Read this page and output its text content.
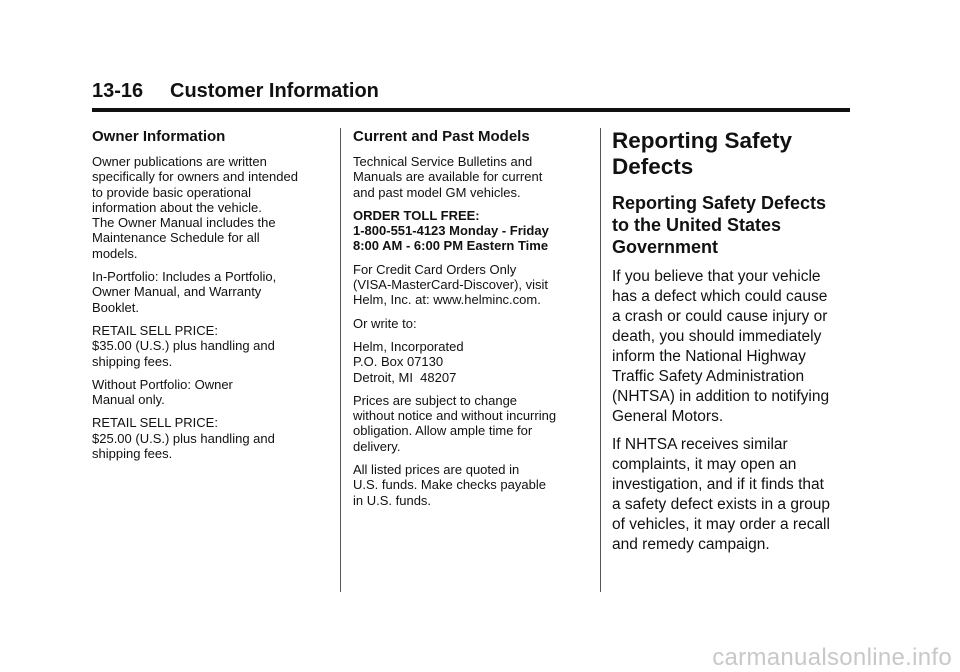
13-16 Customer Information
Owner Information

Owner publications are written
specifically for owners and intended
to provide basic operational
information about the vehicle.
The Owner Manual includes the
Maintenance Schedule for all
models.

In-Portfolio: Includes a Portfolio,
Owner Manual, and Warranty
Booklet.

RETAIL SELL PRICE:
$35.00 (U.S.) plus handling and
shipping fees.

Without Portfolio: Owner
Manual only.

RETAIL SELL PRICE:
$25.00 (U.S.) plus handling and
shipping fees.

Current and Past Models

Technical Service Bulletins and
Manuals are available for current
and past model GM vehicles.

ORDER TOLL FREE:
1-800-551-4123 Monday - Friday
8:00 AM - 6:00 PM Eastern Time

For Credit Card Orders Only
(VISA-MasterCard-Discover), visit
Helm, Inc. at: www.helminc.com.

Or write to:

Helm, Incorporated
P.O. Box 07130
Detroit, MI  48207

Prices are subject to change
without notice and without incurring
obligation. Allow ample time for
delivery.

All listed prices are quoted in
U.S. funds. Make checks payable
in U.S. funds.

Reporting Safety
Defects
Reporting Safety Defects
to the United States
Government

If you believe that your vehicle
has a defect which could cause
a crash or could cause injury or
death, you should immediately
inform the National Highway
Traffic Safety Administration
(NHTSA) in addition to notifying
General Motors.

If NHTSA receives similar
complaints, it may open an
investigation, and if it finds that
a safety defect exists in a group
of vehicles, it may order a recall
and remedy campaign.

carmanualsonline.info
